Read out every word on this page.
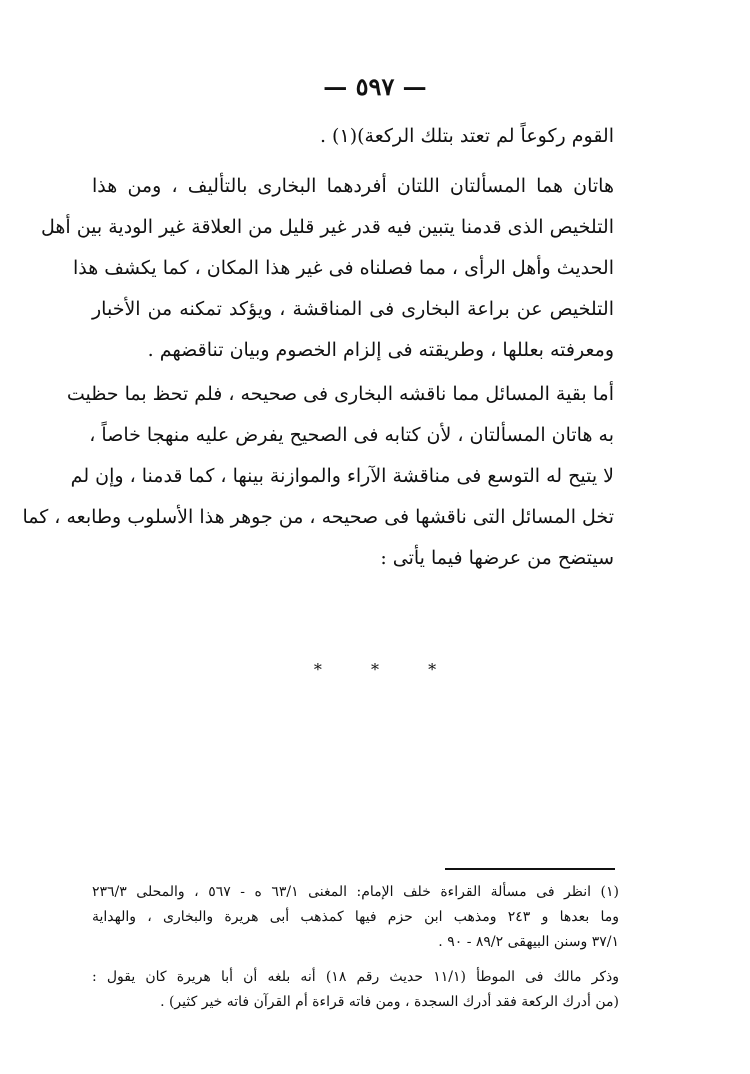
— ٥٩٧ —
القوم ركوعاً لم تعتد بتلك الركعة)(١) .
هاتان هما المسألتان اللتان أفردهما البخارى بالتأليف ، ومن هذا
التلخيص الذى قدمنا يتبين فيه قدر غير قليل من العلاقة غير الودية بين أهل
الحديث وأهل الرأى ، مما فصلناه فى غير هذا المكان ، كما يكشف هذا
التلخيص عن براعة البخارى فى المناقشة ، ويؤكد تمكنه من الأخبار
ومعرفته بعللها ، وطريقته فى إلزام الخصوم وبيان تناقضهم .
أما بقية المسائل مما ناقشه البخارى فى صحيحه ، فلم تحظ بما حظيت
به هاتان المسألتان ، لأن كتابه فى الصحيح يفرض عليه منهجا خاصاً ،
لا يتيح له التوسع فى مناقشة الآراء والموازنة بينها ، كما قدمنا ، وإن لم
تخل المسائل التى ناقشها فى صحيحه ، من جوهر هذا الأسلوب وطابعه ، كما
سيتضح من عرضها فيما يأتى :
* * *
(١) انظر فى مسألة القراءة خلف الإمام: المغنى ٦٣/١ ه - ٥٦٧ ، والمحلى ٢٣٦/٣
وما بعدها و ٢٤٣ ومذهب ابن حزم فيها كمذهب أبى هريرة والبخارى ، والهداية
٣٧/١ وسنن البيهقى ٨٩/٢ - ٩٠ .
وذكر مالك فى الموطأ (١١/١ حديث رقم ١٨) أنه بلغه أن أبا هريرة كان يقول :
(من أدرك الركعة فقد أدرك السجدة ، ومن فاته قراءة أم القرآن فاته خير كثير) .
